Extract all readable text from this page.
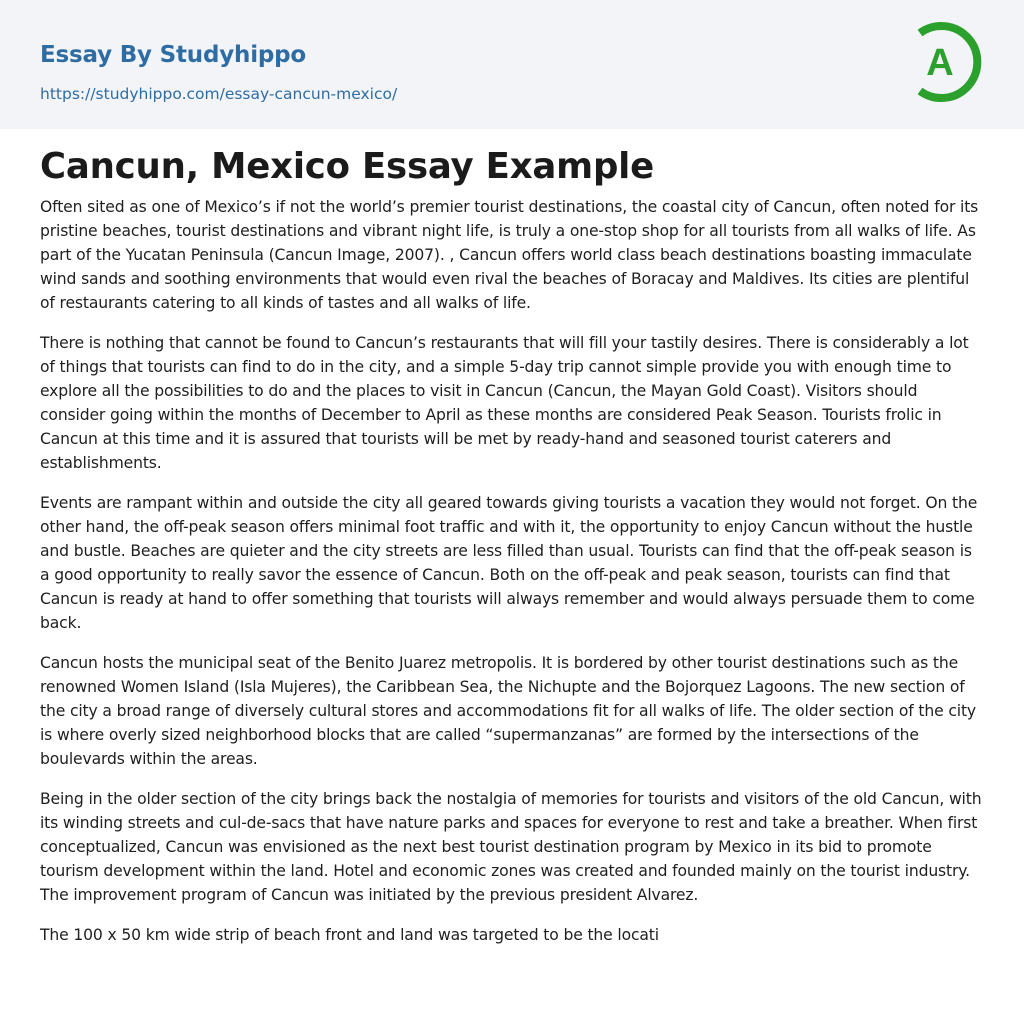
Essay By Studyhippo
https://studyhippo.com/essay-cancun-mexico/
A
Cancun, Mexico Essay Example

Often sited as one of Mexico’s if not the world’s premier tourist destinations, the coastal city of Cancun, often noted for its pristine beaches, tourist destinations and vibrant night life, is truly a one-stop shop for all tourists from all walks of life. As part of the Yucatan Peninsula (Cancun Image, 2007). , Cancun offers world class beach destinations boasting immaculate wind sands and soothing environments that would even rival the beaches of Boracay and Maldives. Its cities are plentiful of restaurants catering to all kinds of tastes and all walks of life.

There is nothing that cannot be found to Cancun’s restaurants that will fill your tastily desires. There is considerably a lot of things that tourists can find to do in the city, and a simple 5-day trip cannot simple provide you with enough time to explore all the possibilities to do and the places to visit in Cancun (Cancun, the Mayan Gold Coast). Visitors should consider going within the months of December to April as these months are considered Peak Season. Tourists frolic in Cancun at this time and it is assured that tourists will be met by ready-hand and seasoned tourist caterers and establishments.

Events are rampant within and outside the city all geared towards giving tourists a vacation they would not forget. On the other hand, the off-peak season offers minimal foot traffic and with it, the opportunity to enjoy Cancun without the hustle and bustle. Beaches are quieter and the city streets are less filled than usual. Tourists can find that the off-peak season is a good opportunity to really savor the essence of Cancun. Both on the off-peak and peak season, tourists can find that Cancun is ready at hand to offer something that tourists will always remember and would always persuade them to come back.

Cancun hosts the municipal seat of the Benito Juarez metropolis. It is bordered by other tourist destinations such as the renowned Women Island (Isla Mujeres), the Caribbean Sea, the Nichupte and the Bojorquez Lagoons. The new section of the city a broad range of diversely cultural stores and accommodations fit for all walks of life. The older section of the city is where overly sized neighborhood blocks that are called “supermanzanas” are formed by the intersections of the boulevards within the areas.

Being in the older section of the city brings back the nostalgia of memories for tourists and visitors of the old Cancun, with its winding streets and cul-de-sacs that have nature parks and spaces for everyone to rest and take a breather. When first conceptualized, Cancun was envisioned as the next best tourist destination program by Mexico in its bid to promote tourism development within the land. Hotel and economic zones was created and founded mainly on the tourist industry. The improvement program of Cancun was initiated by the previous president Alvarez.

The 100 x 50 km wide strip of beach front and land was targeted to be the locati
